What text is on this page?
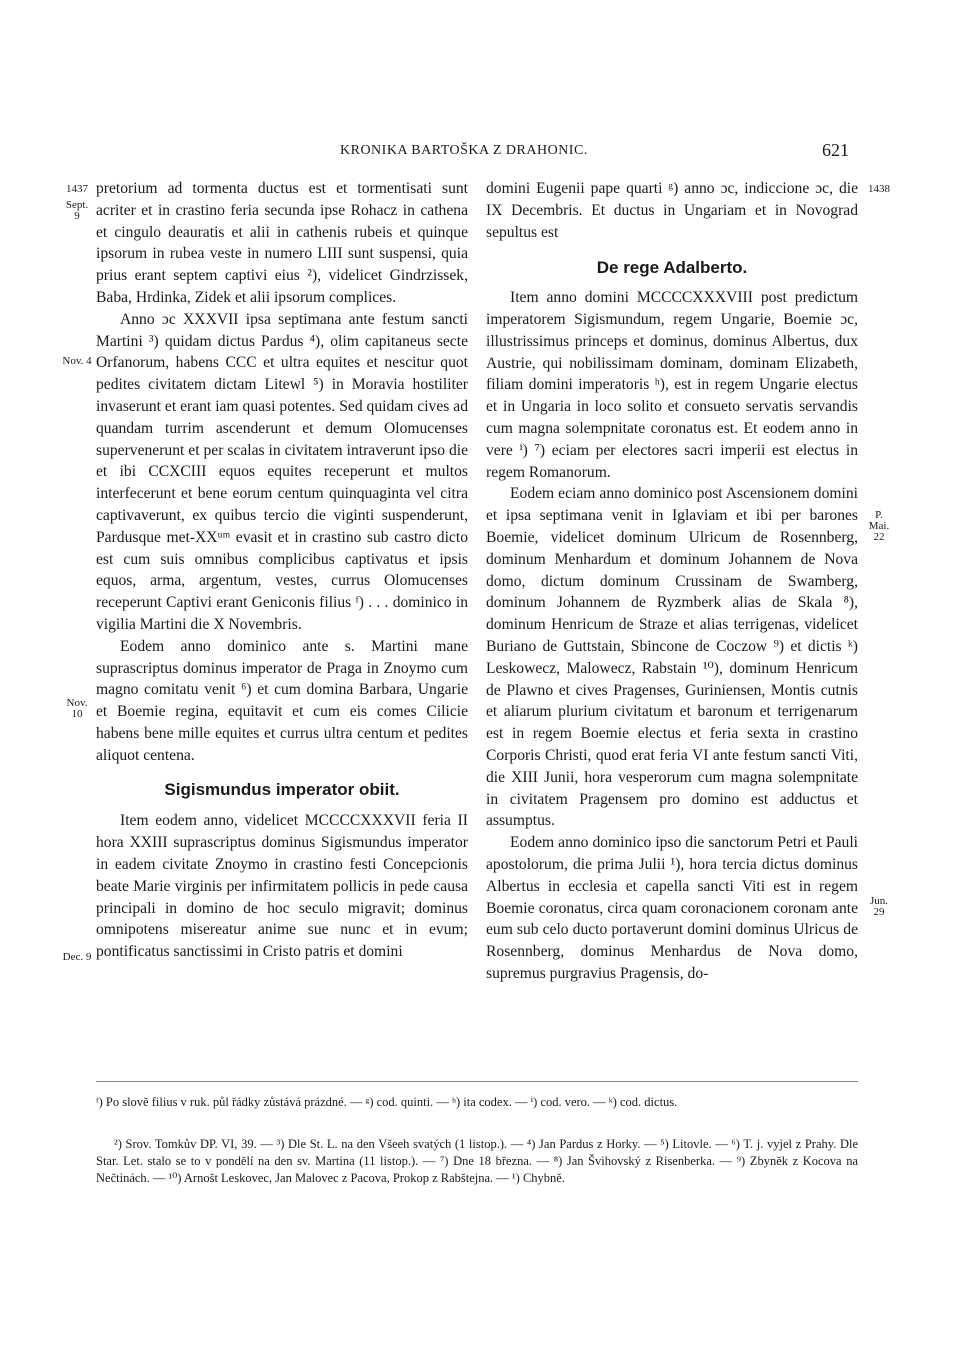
KRONIKA BARTOŠKA Z DRAHONIC.	621
1437
Sept. 9
Nov. 4
Nov. 10
Dec. 9
1438
P. Mai. 22
Jun. 29

pretorium ad tormenta ductus est et tormentisati sunt acriter et in crastino feria secunda ipse Rohacz in cathena et cingulo deauratis et alii in cathenis rubeis et quinque ipsorum in rubea veste in numero LIII sunt suspensi, quia prius erant septem captivi eius ²), videlicet Gindrzissek, Baba, Hrdinka, Zidek et alii ipsorum complices.

Anno ɔc XXXVII ipsa septimana ante festum sancti Martini ³) quidam dictus Pardus ⁴), olim capitaneus secte Orfanorum, habens CCC et ultra equites et nescitur quot pedites civitatem dictam Litewl ⁵) in Moravia hostiliter invaserunt et erant iam quasi potentes. Sed quidam cives ad quandam turrim ascenderunt et demum Olomucenses supervenerunt et per scalas in civitatem intraverunt ipso die et ibi CCXCIII equos equites receperunt et multos interfecerunt et bene eorum centum quinquaginta vel citra captivaverunt, ex quibus tercio die viginti suspenderunt, Pardusque met-XXᵘᵐ evasit et in crastino sub castro dicto est cum suis omnibus complicibus captivatus et ipsis equos, arma, argentum, vestes, currus Olomucenses receperunt Captivi erant Geniconis filius ᶠ) . . . dominico in vigilia Martini die X Novembris.

Eodem anno dominico ante s. Martini mane suprascriptus dominus imperator de Praga in Znoymo cum magno comitatu venit ⁶) et cum domina Barbara, Ungarie et Boemie regina, equitavit et cum eis comes Cilicie habens bene mille equites et currus ultra centum et pedites aliquot centena.

Sigismundus imperator obiit.

Item eodem anno, videlicet MCCCCXXXVII feria II hora XXIII suprascriptus dominus Sigismundus imperator in eadem civitate Znoymo in crastino festi Concepcionis beate Marie virginis per infirmitatem pollicis in pede causa principali in domino de hoc seculo migravit; dominus omnipotens misereatur anime sue nunc et in evum; pontificatus sanctissimi in Cristo patris et domini

domini Eugenii pape quarti ᵍ) anno ɔc, indiccione ɔc, die IX Decembris. Et ductus in Ungariam et in Novograd sepultus est

De rege Adalberto.

Item anno domini MCCCCXXXVIII post predictum imperatorem Sigismundum, regem Ungarie, Boemie ɔc, illustrissimus princeps et dominus, dominus Albertus, dux Austrie, qui nobilissimam dominam, dominam Elizabeth, filiam domini imperatoris ʰ), est in regem Ungarie electus et in Ungaria in loco solito et consueto servatis servandis cum magna solempnitate coronatus est. Et eodem anno in vere ⁱ) ⁷) eciam per electores sacri imperii est electus in regem Romanorum.

Eodem eciam anno dominico post Ascensionem domini et ipsa septimana venit in Iglaviam et ibi per barones Boemie, videlicet dominum Ulricum de Rosennberg, dominum Menhardum et dominum Johannem de Nova domo, dictum dominum Crussinam de Swamberg, dominum Johannem de Ryzmberk alias de Skala ⁸), dominum Henricum de Straze et alias terrigenas, videlicet Buriano de Guttstain, Sbincone de Coczow ⁹) et dictis ᵏ) Leskowecz, Malowecz, Rabstain ¹⁰), dominum Henricum de Plawno et cives Pragenses, Guriniensen, Montis cutnis et aliarum plurium civitatum et baronum et terrigenarum est in regem Boemie electus et feria sexta in crastino Corporis Christi, quod erat feria VI ante festum sancti Viti, die XIII Junii, hora vesperorum cum magna solempnitate in civitatem Pragensem pro domino est adductus et assumptus.

Eodem anno dominico ipso die sanctorum Petri et Pauli apostolorum, die prima Julii ¹), hora tercia dictus dominus Albertus in ecclesia et capella sancti Viti est in regem Boemie coronatus, circa quam coronacionem coronam ante eum sub celo ducto portaverunt domini dominus Ulricus de Rosennberg, dominus Menhardus de Nova domo, supremus purgravius Pragensis, do-

ᶠ) Po slově filius v ruk. půl řádky zůstává prázdné. — ᵍ) cod. quinti. — ʰ) ita codex. — ⁱ) cod. vero. — ᵏ) cod. dictus.

²) Srov. Tomkův DP. VI, 39. — ³) Dle St. L. na den Všeeh svatých (1 listop.). — ⁴) Jan Pardus z Horky. — ⁵) Litovle. — ⁶) T. j. vyjel z Prahy. Dle Star. Let. stalo se to v pondělí na den sv. Martina (11 listop.). — ⁷) Dne 18 března. — ⁸) Jan Švihovský z Risenberka. — ⁹) Zbyněk z Kocova na Nečtinách. — ¹⁰) Arnošt Leskovec, Jan Malovec z Pacova, Prokop z Rabštejna. — ¹) Chybně.
